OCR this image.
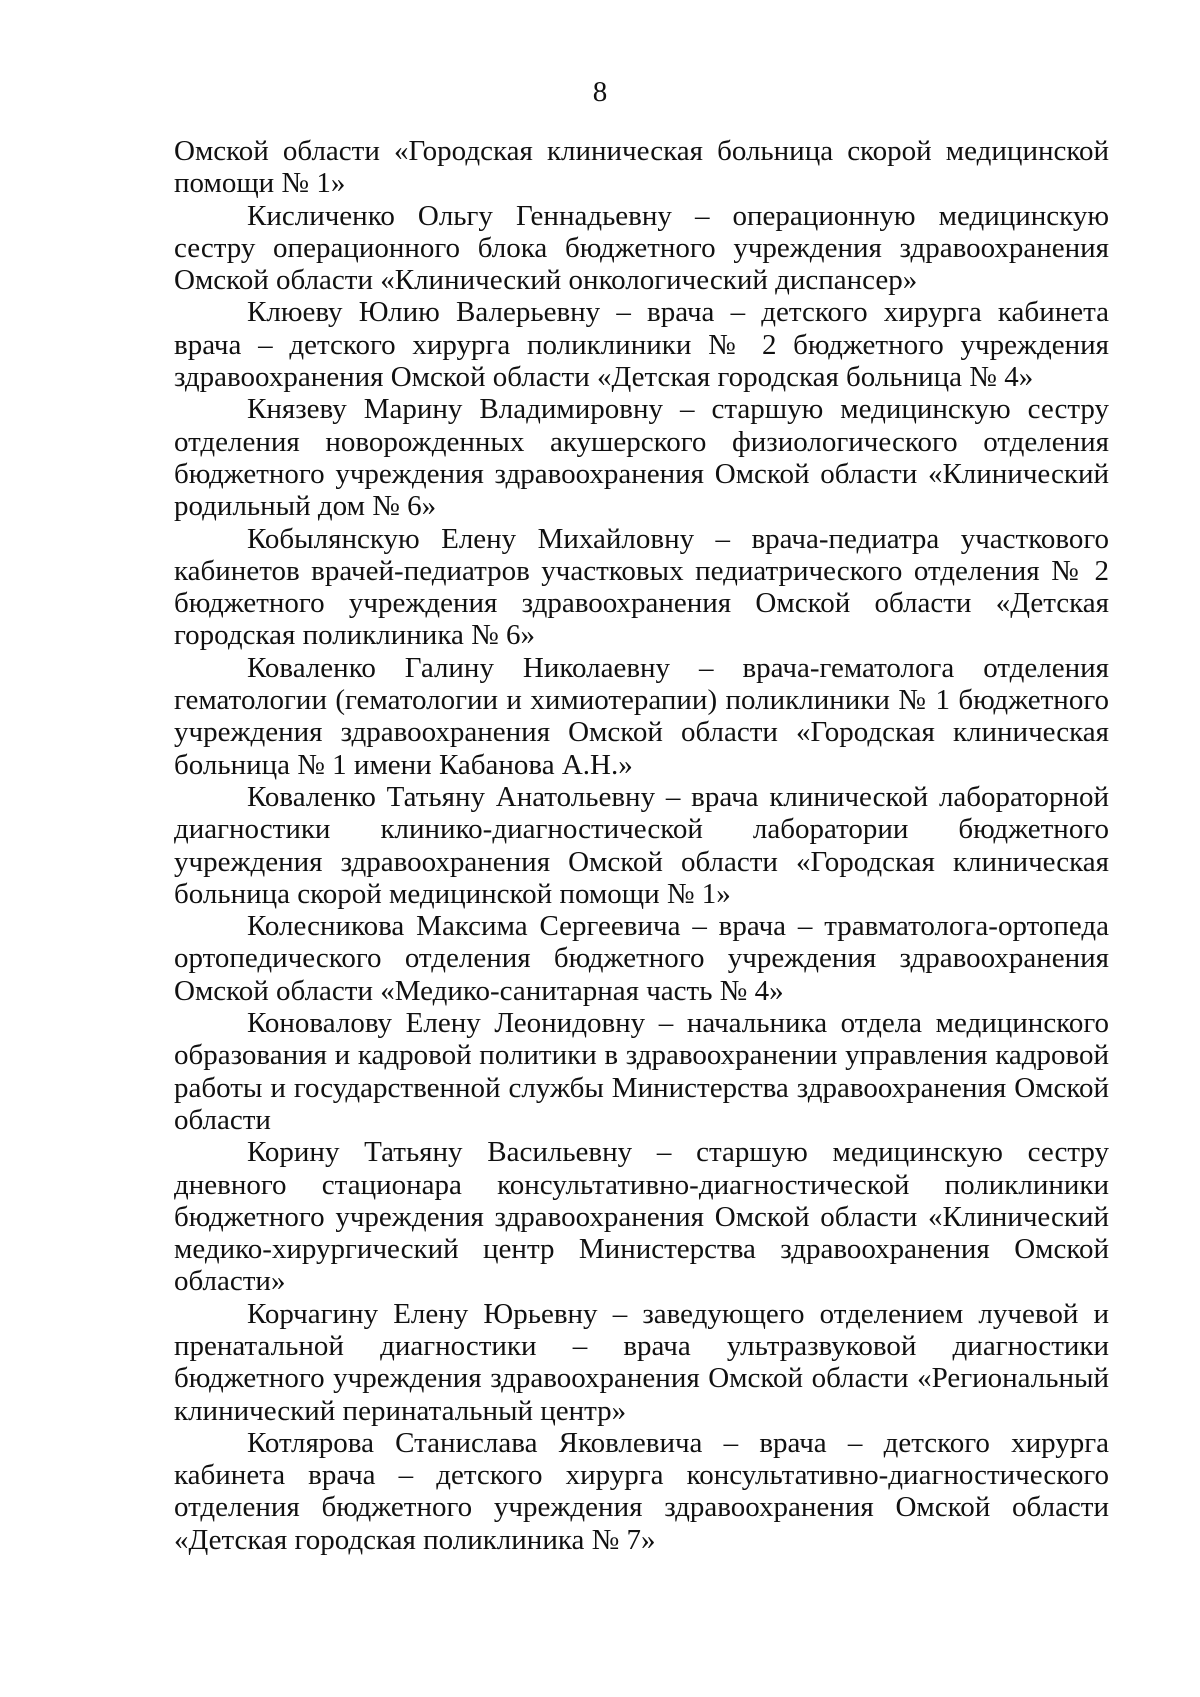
8

Омской области «Городская клиническая больница скорой медицинской помощи № 1»

Кисличенко Ольгу Геннадьевну – операционную медицинскую сестру операционного блока бюджетного учреждения здравоохранения Омской области «Клинический онкологический диспансер»

Клюеву Юлию Валерьевну – врача – детского хирурга кабинета врача – детского хирурга поликлиники № 2 бюджетного учреждения здравоохранения Омской области «Детская городская больница № 4»

Князеву Марину Владимировну – старшую медицинскую сестру отделения новорожденных акушерского физиологического отделения бюджетного учреждения здравоохранения Омской области «Клинический родильный дом № 6»

Кобылянскую Елену Михайловну – врача-педиатра участкового кабинетов врачей-педиатров участковых педиатрического отделения № 2 бюджетного учреждения здравоохранения Омской области «Детская городская поликлиника № 6»

Коваленко Галину Николаевну – врача-гематолога отделения гематологии (гематологии и химиотерапии) поликлиники № 1 бюджетного учреждения здравоохранения Омской области «Городская клиническая больница № 1 имени Кабанова А.Н.»

Коваленко Татьяну Анатольевну – врача клинической лабораторной диагностики клинико-диагностической лаборатории бюджетного учреждения здравоохранения Омской области «Городская клиническая больница скорой медицинской помощи № 1»

Колесникова Максима Сергеевича – врача – травматолога-ортопеда ортопедического отделения бюджетного учреждения здравоохранения Омской области «Медико-санитарная часть № 4»

Коновалову Елену Леонидовну – начальника отдела медицинского образования и кадровой политики в здравоохранении управления кадровой работы и государственной службы Министерства здравоохранения Омской области

Корину Татьяну Васильевну – старшую медицинскую сестру дневного стационара консультативно-диагностической поликлиники бюджетного учреждения здравоохранения Омской области «Клинический медико-хирургический центр Министерства здравоохранения Омской области»

Корчагину Елену Юрьевну – заведующего отделением лучевой и пренатальной диагностики – врача ультразвуковой диагностики бюджетного учреждения здравоохранения Омской области «Региональный клинический перинатальный центр»

Котлярова Станислава Яковлевича – врача – детского хирурга кабинета врача – детского хирурга консультативно-диагностического отделения бюджетного учреждения здравоохранения Омской области «Детская городская поликлиника № 7»
